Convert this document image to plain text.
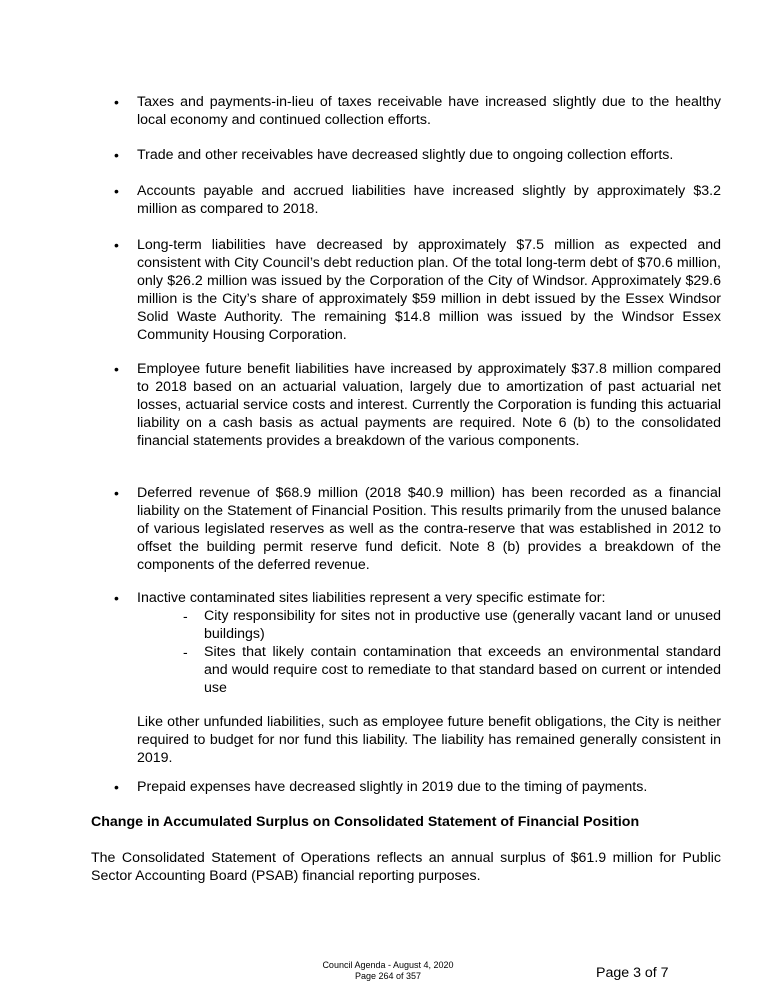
•	Taxes and payments-in-lieu of taxes receivable have increased slightly due to the healthy local economy and continued collection efforts.

•	Trade and other receivables have decreased slightly due to ongoing collection efforts.

•	Accounts payable and accrued liabilities have increased slightly by approximately $3.2 million as compared to 2018.

•	Long-term liabilities have decreased by approximately $7.5 million as expected and consistent with City Council’s debt reduction plan. Of the total long-term debt of $70.6 million, only $26.2 million was issued by the Corporation of the City of Windsor. Approximately $29.6 million is the City’s share of approximately $59 million in debt issued by the Essex Windsor Solid Waste Authority. The remaining $14.8 million was issued by the Windsor Essex Community Housing Corporation.

•	Employee future benefit liabilities have increased by approximately $37.8 million compared to 2018 based on an actuarial valuation, largely due to amortization of past actuarial net losses, actuarial service costs and interest. Currently the Corporation is funding this actuarial liability on a cash basis as actual payments are required. Note 6 (b) to the consolidated financial statements provides a breakdown of the various components.

•	Deferred revenue of $68.9 million (2018 $40.9 million) has been recorded as a financial liability on the Statement of Financial Position. This results primarily from the unused balance of various legislated reserves as well as the contra-reserve that was established in 2012 to offset the building permit reserve fund deficit. Note 8 (b) provides a breakdown of the components of the deferred revenue.

•	Inactive contaminated sites liabilities represent a very specific estimate for:

-	City responsibility for sites not in productive use (generally vacant land or unused buildings)

-	Sites that likely contain contamination that exceeds an environmental standard and would require cost to remediate to that standard based on current or intended use

Like other unfunded liabilities, such as employee future benefit obligations, the City is neither required to budget for nor fund this liability. The liability has remained generally consistent in 2019.

•	Prepaid expenses have decreased slightly in 2019 due to the timing of payments.

Change in Accumulated Surplus on Consolidated Statement of Financial Position

The Consolidated Statement of Operations reflects an annual surplus of $61.9 million for Public Sector Accounting Board (PSAB) financial reporting purposes.

Council Agenda - August 4, 2020
Page 264 of 357	Page 3 of 7
